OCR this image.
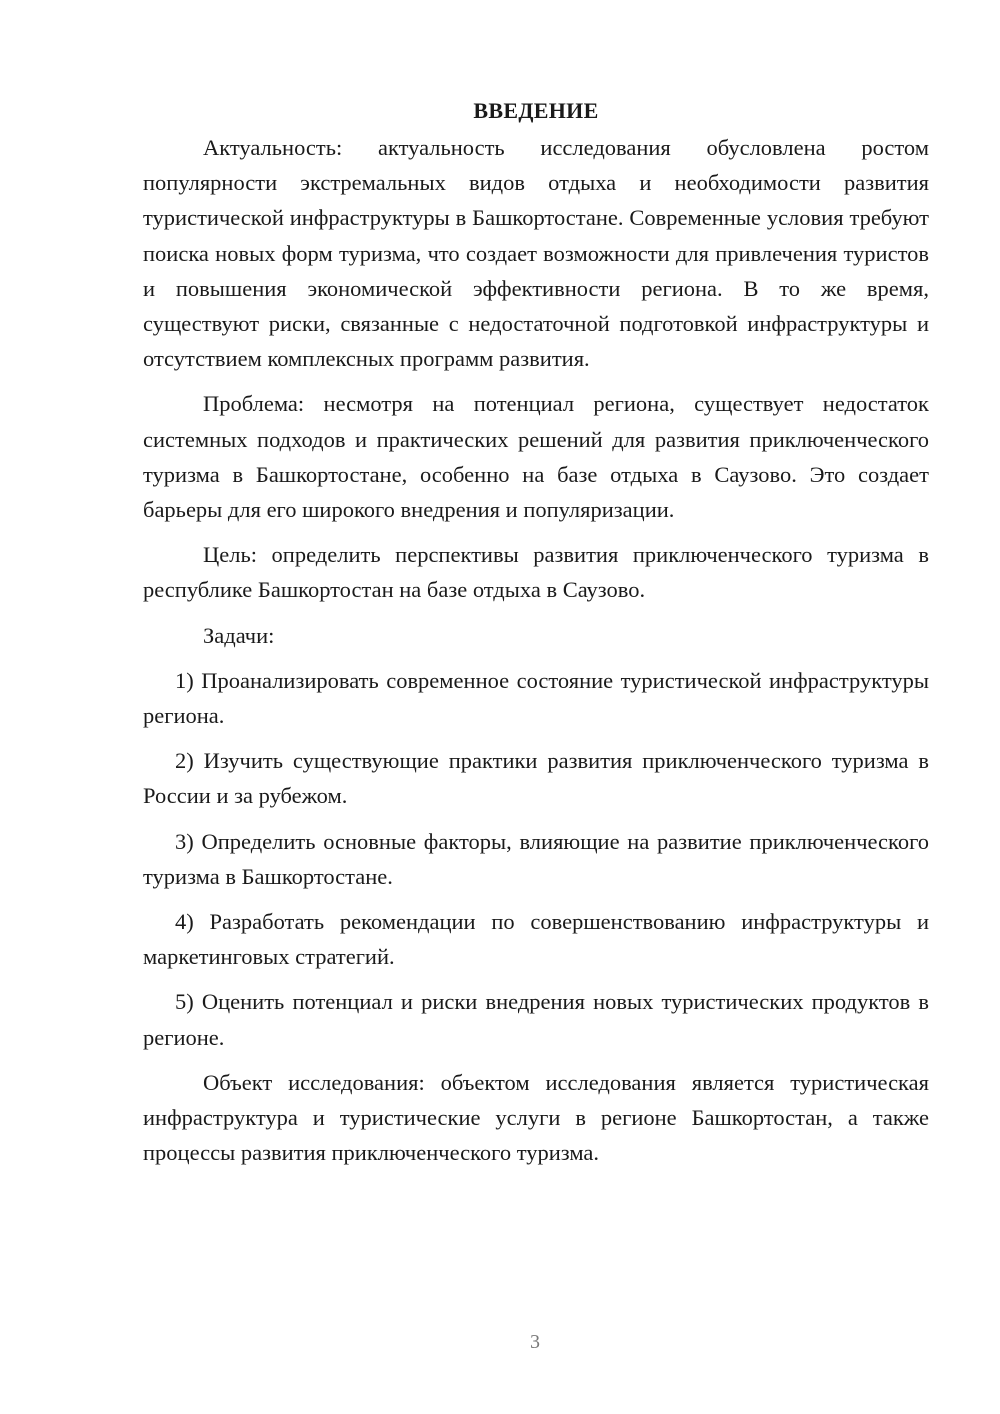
ВВЕДЕНИЕ

Актуальность: актуальность исследования обусловлена ростом популярности экстремальных видов отдыха и необходимости развития туристической инфраструктуры в Башкортостане. Современные условия требуют поиска новых форм туризма, что создает возможности для привлечения туристов и повышения экономической эффективности региона. В то же время, существуют риски, связанные с недостаточной подготовкой инфраструктуры и отсутствием комплексных программ развития.

Проблема: несмотря на потенциал региона, существует недостаток системных подходов и практических решений для развития приключенческого туризма в Башкортостане, особенно на базе отдыха в Саузово. Это создает барьеры для его широкого внедрения и популяризации.

Цель: определить перспективы развития приключенческого туризма в республике Башкортостан на базе отдыха в Саузово.

Задачи:

1) Проанализировать современное состояние туристической инфраструктуры региона.

2) Изучить существующие практики развития приключенческого туризма в России и за рубежом.

3) Определить основные факторы, влияющие на развитие приключенческого туризма в Башкортостане.

4) Разработать рекомендации по совершенствованию инфраструктуры и маркетинговых стратегий.

5) Оценить потенциал и риски внедрения новых туристических продуктов в регионе.

Объект исследования: объектом исследования является туристическая инфраструктура и туристические услуги в регионе Башкортостан, а также процессы развития приключенческого туризма.

3
